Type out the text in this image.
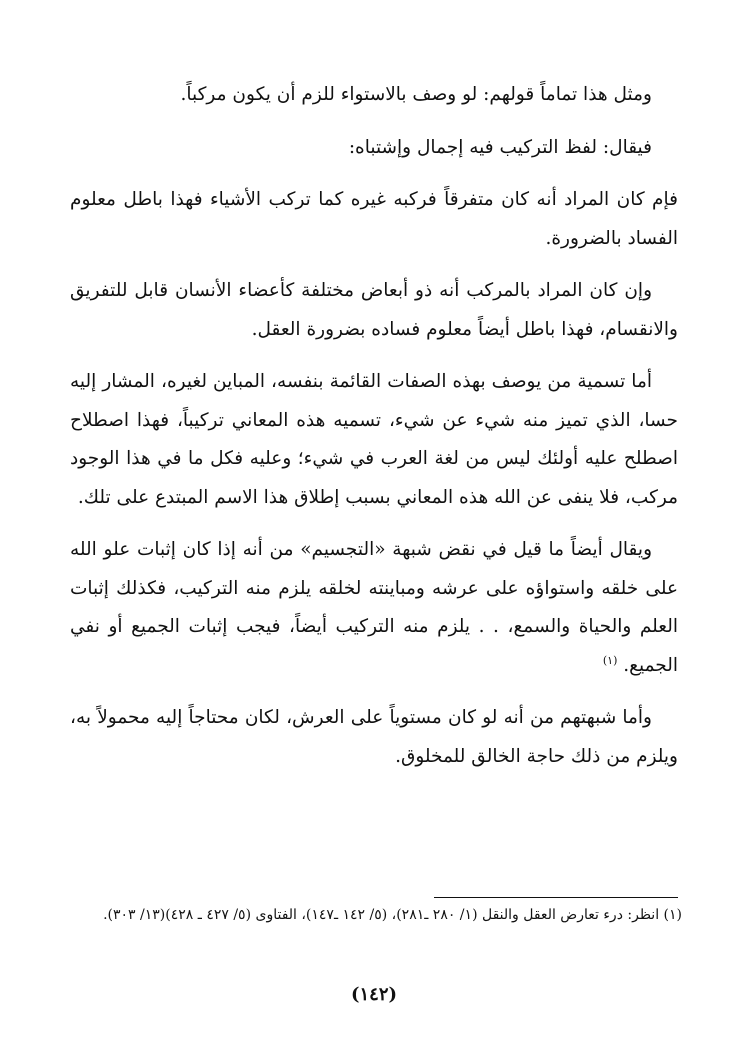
ومثل هذا تماماً قولهم: لو وصف بالاستواء للزم أن يكون مركباً.

فيقال: لفظ التركيب فيه إجمال وإشتباه:

فإم كان المراد أنه كان متفرقاً فركبه غيره كما تركب الأشياء فهذا باطل معلوم الفساد بالضرورة.

وإن كان المراد بالمركب أنه ذو أبعاض مختلفة كأعضاء الأنسان قابل للتفريق والانقسام، فهذا باطل أيضاً معلوم فساده بضرورة العقل.

أما تسمية من يوصف بهذه الصفات القائمة بنفسه، المباين لغيره، المشار إليه حسا، الذي تميز منه شيء عن شيء، تسميه هذه المعاني تركيباً، فهذا اصطلاح اصطلح عليه أولئك ليس من لغة العرب في شيء؛ وعليه فكل ما في هذا الوجود مركب، فلا ينفى عن الله هذه المعاني بسبب إطلاق هذا الاسم المبتدع على تلك.

ويقال أيضاً ما قيل في نقض شبهة «التجسيم» من أنه إذا كان إثبات علو الله على خلقه واستواؤه على عرشه ومباينته لخلقه يلزم منه التركيب، فكذلك إثبات العلم والحياة والسمع، . . يلزم منه التركيب أيضاً، فيجب إثبات الجميع أو نفي الجميع. $^{(١)}$

وأما شبهتهم من أنه لو كان مستوياً على العرش، لكان محتاجاً إليه محمولاً به، ويلزم من ذلك حاجة الخالق للمخلوق.

(١) انظر: درء تعارض العقل والنقل (١/ ٢٨٠ ـ٢٨١)، (٥/ ١٤٢ ـ١٤٧)، الفتاوى (٥/ ٤٢٧ ـ ٤٢٨)(١٣/ ٣٠٣).
(١٤٢)
